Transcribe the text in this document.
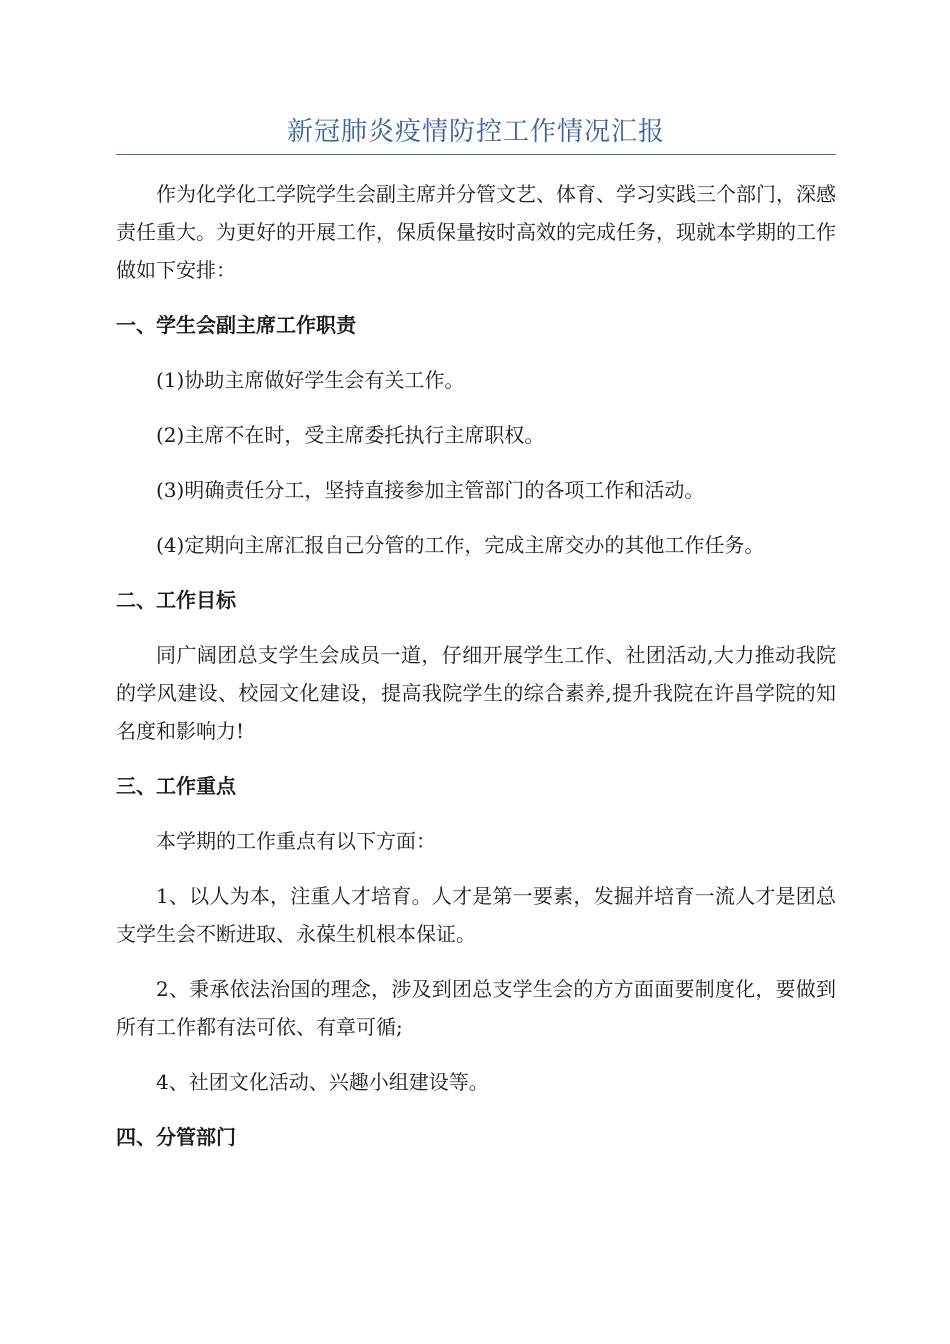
新冠肺炎疫情防控工作情况汇报

作为化学化工学院学生会副主席并分管文艺、体育、学习实践三个部门，深感责任重大。为更好的开展工作，保质保量按时高效的完成任务，现就本学期的工作做如下安排：

一、学生会副主席工作职责

(1)协助主席做好学生会有关工作。

(2)主席不在时，受主席委托执行主席职权。

(3)明确责任分工，坚持直接参加主管部门的各项工作和活动。

(4)定期向主席汇报自己分管的工作，完成主席交办的其他工作任务。

二、工作目标

同广阔团总支学生会成员一道，仔细开展学生工作、社团活动,大力推动我院的学风建设、校园文化建设，提高我院学生的综合素养,提升我院在许昌学院的知名度和影响力!

三、工作重点

本学期的工作重点有以下方面：

1、以人为本，注重人才培育。人才是第一要素，发掘并培育一流人才是团总支学生会不断进取、永葆生机根本保证。

2、秉承依法治国的理念，涉及到团总支学生会的方方面面要制度化，要做到所有工作都有法可依、有章可循;

4、社团文化活动、兴趣小组建设等。

四、分管部门
